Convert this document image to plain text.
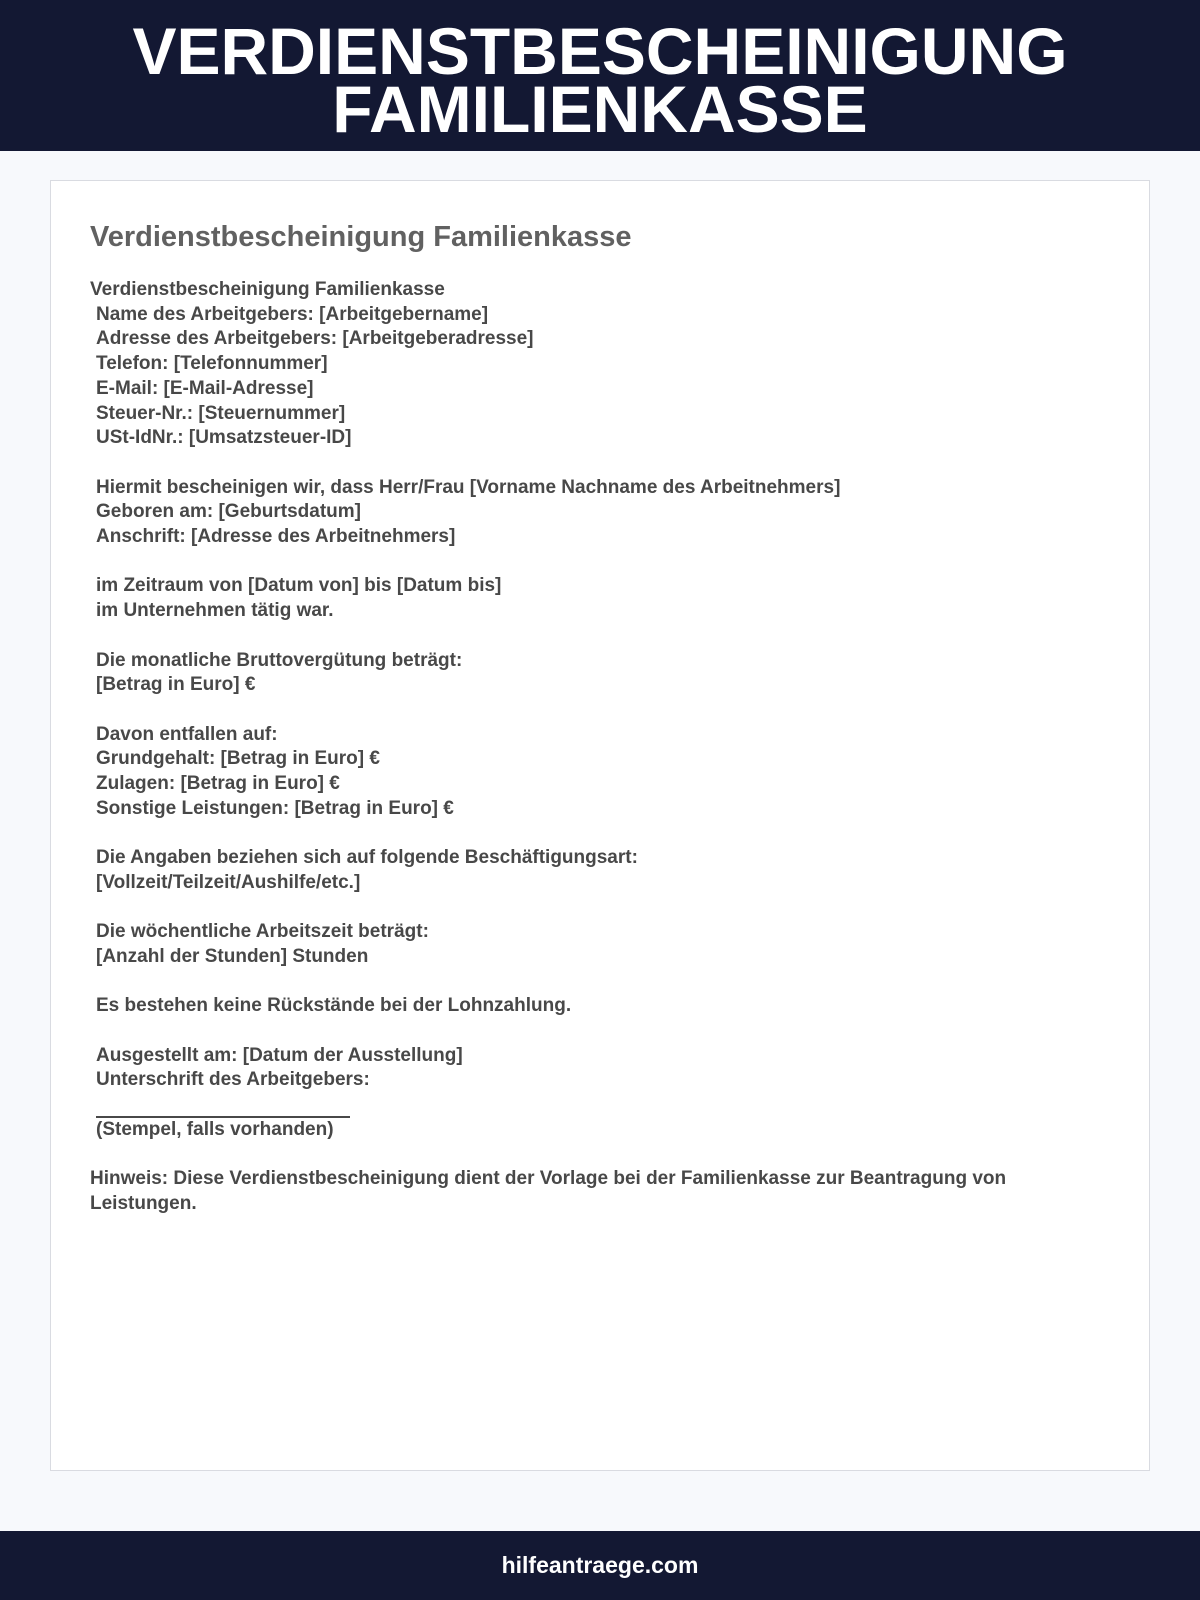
VERDIENSTBESCHEINIGUNG
FAMILIENKASSE
Verdienstbescheinigung Familienkasse
Verdienstbescheinigung Familienkasse
Name des Arbeitgebers: [Arbeitgebername]
Adresse des Arbeitgebers: [Arbeitgeberadresse]
Telefon: [Telefonnummer]
E-Mail: [E-Mail-Adresse]
Steuer-Nr.: [Steuernummer]
USt-IdNr.: [Umsatzsteuer-ID]
Hiermit bescheinigen wir, dass Herr/Frau [Vorname Nachname des Arbeitnehmers]
Geboren am: [Geburtsdatum]
Anschrift: [Adresse des Arbeitnehmers]
im Zeitraum von [Datum von] bis [Datum bis]
im Unternehmen tätig war.
Die monatliche Bruttovergütung beträgt:
[Betrag in Euro] €
Davon entfallen auf:
Grundgehalt: [Betrag in Euro] €
Zulagen: [Betrag in Euro] €
Sonstige Leistungen: [Betrag in Euro] €
Die Angaben beziehen sich auf folgende Beschäftigungsart:
[Vollzeit/Teilzeit/Aushilfe/etc.]
Die wöchentliche Arbeitszeit beträgt:
[Anzahl der Stunden] Stunden
Es bestehen keine Rückstände bei der Lohnzahlung.
Ausgestellt am: [Datum der Ausstellung]
Unterschrift des Arbeitgebers:
(Stempel, falls vorhanden)
Hinweis: Diese Verdienstbescheinigung dient der Vorlage bei der Familienkasse zur Beantragung von Leistungen.
hilfeantraege.com
